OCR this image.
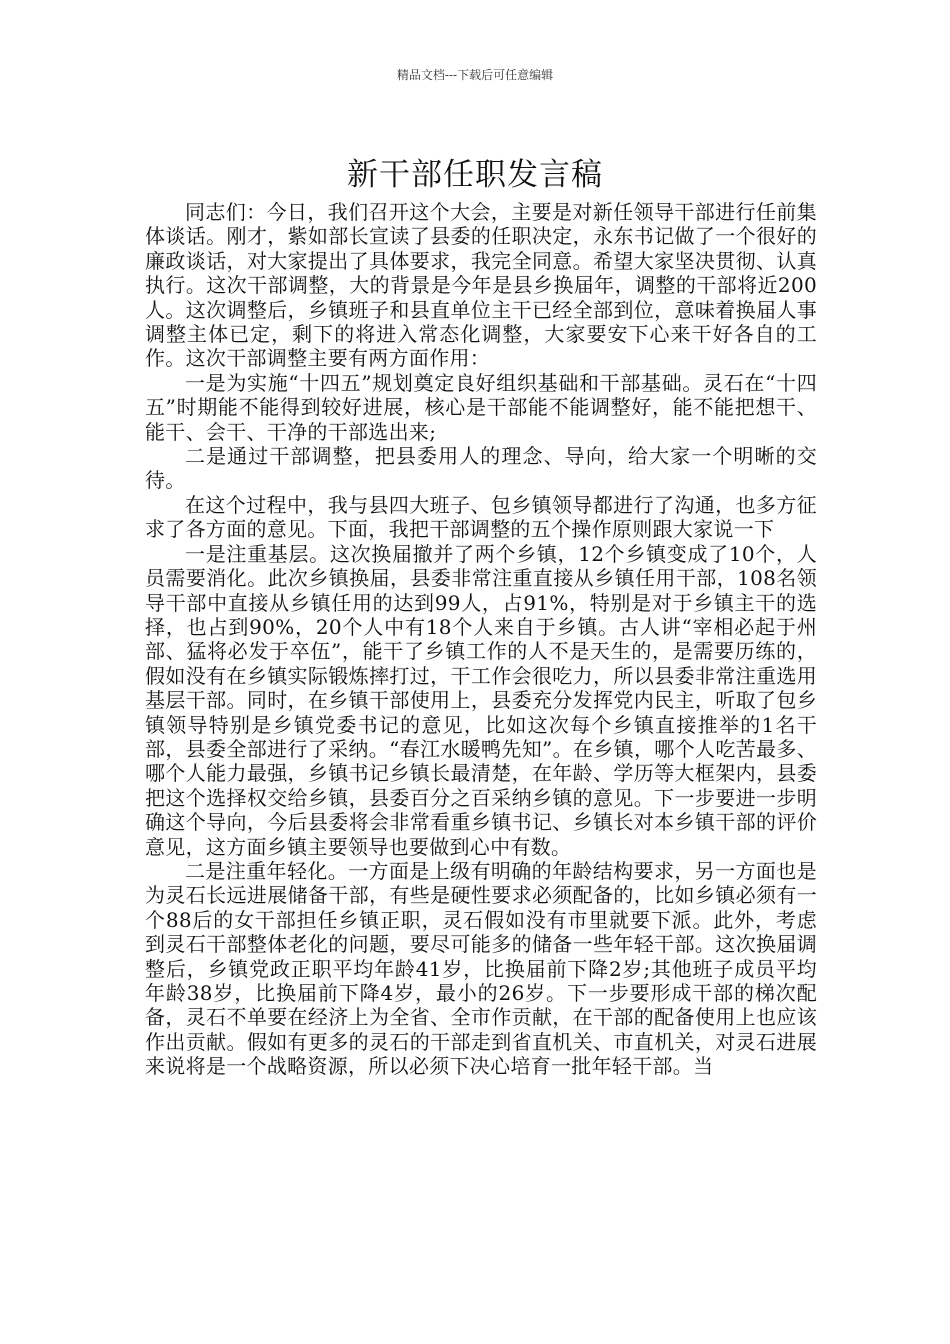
精品文档---下载后可任意编辑
新干部任职发言稿

同志们：今日，我们召开这个大会，主要是对新任领导干部进行任前集体谈话。刚才，紫如部长宣读了县委的任职决定，永东书记做了一个很好的廉政谈话，对大家提出了具体要求，我完全同意。希望大家坚决贯彻、认真执行。这次干部调整，大的背景是今年是县乡换届年，调整的干部将近200人。这次调整后，乡镇班子和县直单位主干已经全部到位，意味着换届人事调整主体已定，剩下的将进入常态化调整，大家要安下心来干好各自的工作。这次干部调整主要有两方面作用：

一是为实施“十四五”规划奠定良好组织基础和干部基础。灵石在“十四五”时期能不能得到较好进展，核心是干部能不能调整好，能不能把想干、能干、会干、干净的干部选出来;

二是通过干部调整，把县委用人的理念、导向，给大家一个明晰的交待。

在这个过程中，我与县四大班子、包乡镇领导都进行了沟通，也多方征求了各方面的意见。下面，我把干部调整的五个操作原则跟大家说一下

一是注重基层。这次换届撤并了两个乡镇，12个乡镇变成了10个，人员需要消化。此次乡镇换届，县委非常注重直接从乡镇任用干部，108名领导干部中直接从乡镇任用的达到99人，占91%，特别是对于乡镇主干的选择，也占到90%，20个人中有18个人来自于乡镇。古人讲“宰相必起于州部、猛将必发于卒伍”，能干了乡镇工作的人不是天生的，是需要历练的，假如没有在乡镇实际锻炼摔打过，干工作会很吃力，所以县委非常注重选用基层干部。同时，在乡镇干部使用上，县委充分发挥党内民主，听取了包乡镇领导特别是乡镇党委书记的意见，比如这次每个乡镇直接推举的1名干部，县委全部进行了采纳。“春江水暖鸭先知”。在乡镇，哪个人吃苦最多、哪个人能力最强，乡镇书记乡镇长最清楚，在年龄、学历等大框架内，县委把这个选择权交给乡镇，县委百分之百采纳乡镇的意见。下一步要进一步明确这个导向，今后县委将会非常看重乡镇书记、乡镇长对本乡镇干部的评价意见，这方面乡镇主要领导也要做到心中有数。

二是注重年轻化。一方面是上级有明确的年龄结构要求，另一方面也是为灵石长远进展储备干部，有些是硬性要求必须配备的，比如乡镇必须有一个88后的女干部担任乡镇正职，灵石假如没有市里就要下派。此外，考虑到灵石干部整体老化的问题，要尽可能多的储备一些年轻干部。这次换届调整后，乡镇党政正职平均年龄41岁，比换届前下降2岁;其他班子成员平均年龄38岁，比换届前下降4岁，最小的26岁。下一步要形成干部的梯次配备，灵石不单要在经济上为全省、全市作贡献，在干部的配备使用上也应该作出贡献。假如有更多的灵石的干部走到省直机关、市直机关，对灵石进展来说将是一个战略资源，所以必须下决心培育一批年轻干部。当
